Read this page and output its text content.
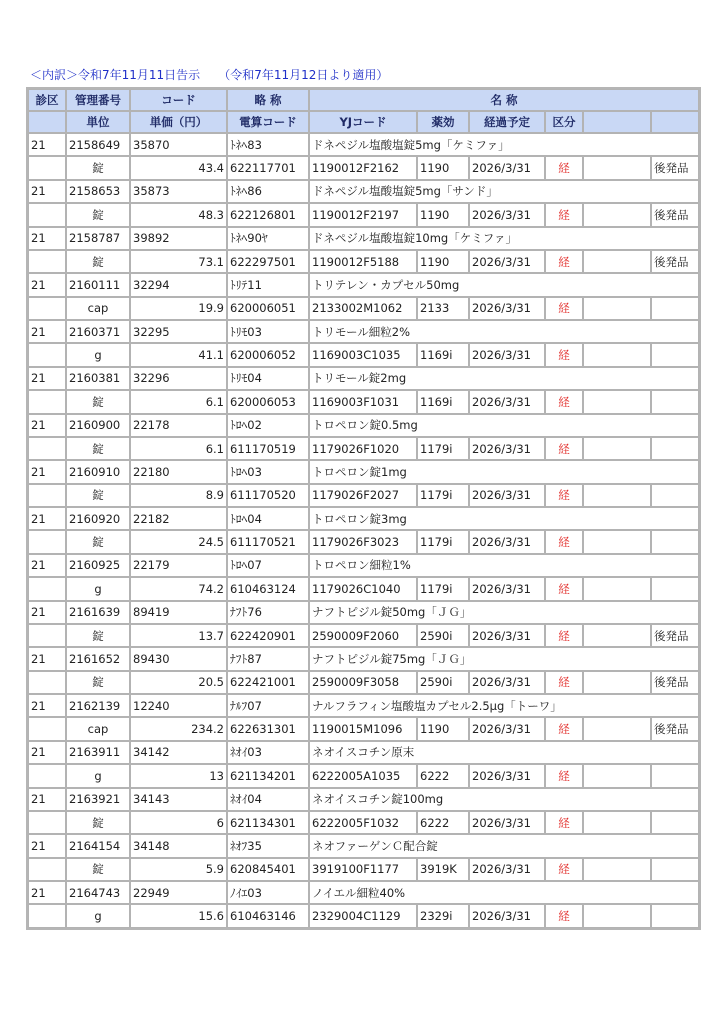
＜内訳＞令和7年11月11日告示 （令和7年11月12日より適用）
診区	管理番号	コード	略 称	名 称					
	単位	単価（円）	電算コード	YJコード	薬効	経過予定	区分		
21	2158649	35870	ﾄﾈﾍ83	ドネペジル塩酸塩錠5mg「ケミファ」					
	錠	43.4	622117701	1190012F2162	1190	2026/3/31	経		後発品
21	2158653	35873	ﾄﾈﾍ86	ドネペジル塩酸塩錠5mg「サンド」					
	錠	48.3	622126801	1190012F2197	1190	2026/3/31	経		後発品
21	2158787	39892	ﾄﾈﾍ90ﾔ	ドネペジル塩酸塩錠10mg「ケミファ」					
	錠	73.1	622297501	1190012F5188	1190	2026/3/31	経		後発品
21	2160111	32294	ﾄﾘﾃ11	トリテレン・カプセル50mg					
	cap	19.9	620006051	2133002M1062	2133	2026/3/31	経		
21	2160371	32295	ﾄﾘﾓ03	トリモール細粒2%					
	g	41.1	620006052	1169003C1035	1169i	2026/3/31	経		
21	2160381	32296	ﾄﾘﾓ04	トリモール錠2mg					
	錠	6.1	620006053	1169003F1031	1169i	2026/3/31	経		
21	2160900	22178	ﾄﾛﾍ02	トロペロン錠0.5mg					
	錠	6.1	611170519	1179026F1020	1179i	2026/3/31	経		
21	2160910	22180	ﾄﾛﾍ03	トロペロン錠1mg					
	錠	8.9	611170520	1179026F2027	1179i	2026/3/31	経		
21	2160920	22182	ﾄﾛﾍ04	トロペロン錠3mg					
	錠	24.5	611170521	1179026F3023	1179i	2026/3/31	経		
21	2160925	22179	ﾄﾛﾍ07	トロペロン細粒1%					
	g	74.2	610463124	1179026C1040	1179i	2026/3/31	経		
21	2161639	89419	ﾅﾌﾄ76	ナフトピジル錠50mg「ＪＧ」					
	錠	13.7	622420901	2590009F2060	2590i	2026/3/31	経		後発品
21	2161652	89430	ﾅﾌﾄ87	ナフトピジル錠75mg「ＪＧ」					
	錠	20.5	622421001	2590009F3058	2590i	2026/3/31	経		後発品
21	2162139	12240	ﾅﾙﾌ07	ナルフラフィン塩酸塩カプセル2.5μg「トーワ」					
	cap	234.2	622631301	1190015M1096	1190	2026/3/31	経		後発品
21	2163911	34142	ﾈｵｲ03	ネオイスコチン原末					
	g	13	621134201	6222005A1035	6222	2026/3/31	経		
21	2163921	34143	ﾈｵｲ04	ネオイスコチン錠100mg					
	錠	6	621134301	6222005F1032	6222	2026/3/31	経		
21	2164154	34148	ﾈｵﾌ35	ネオファーゲンＣ配合錠					
	錠	5.9	620845401	3919100F1177	3919K	2026/3/31	経		
21	2164743	22949	ﾉｲｴ03	ノイエル細粒40%					
	g	15.6	610463146	2329004C1129	2329i	2026/3/31	経		
